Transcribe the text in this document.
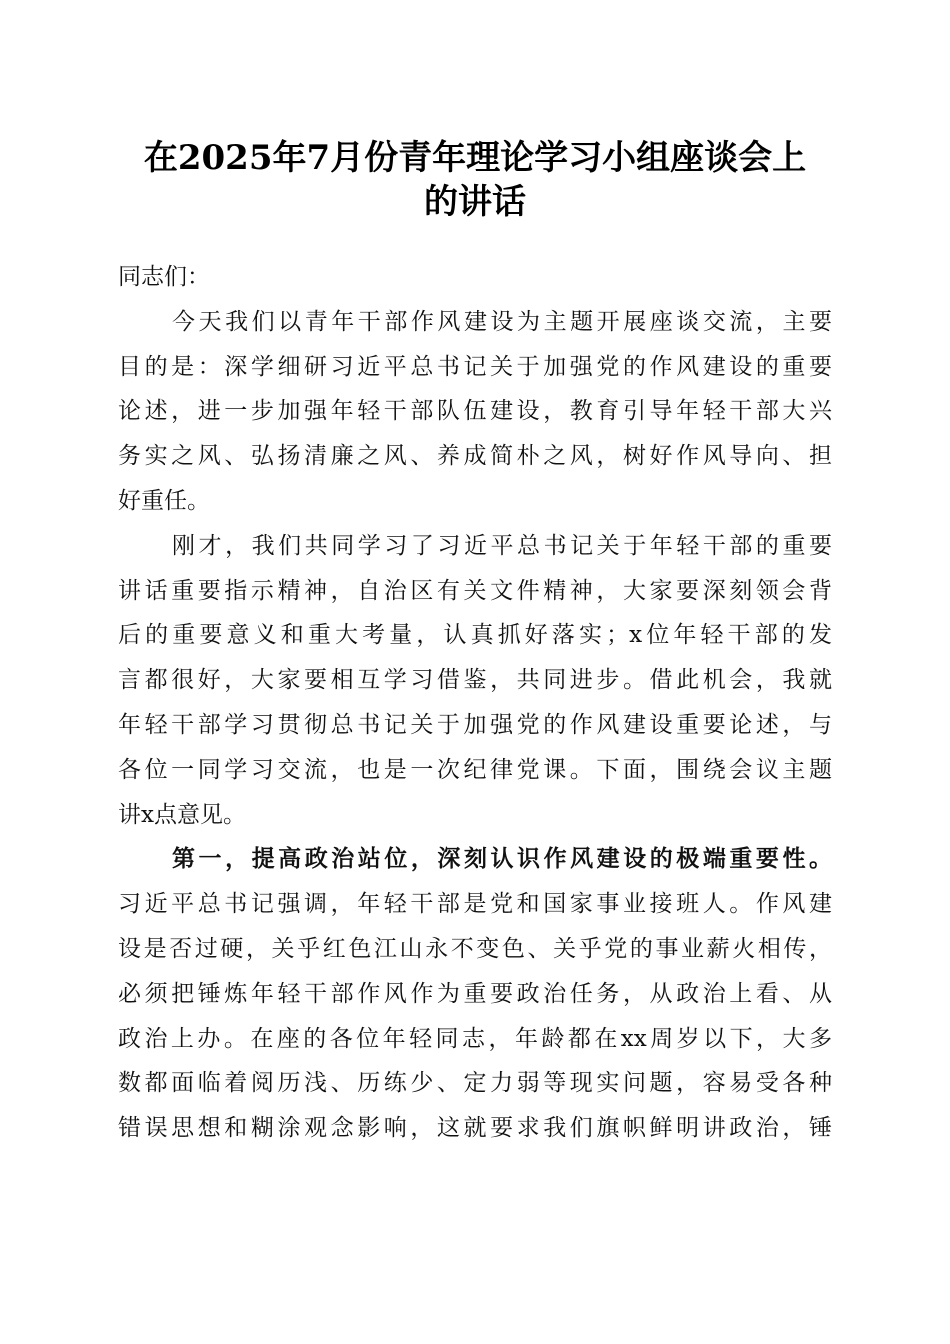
在2025年7月份青年理论学习小组座谈会上
的讲话
同志们：
今天我们以青年干部作风建设为主题开展座谈交流，主要
目的是：深学细研习近平总书记关于加强党的作风建设的重要
论述，进一步加强年轻干部队伍建设，教育引导年轻干部大兴
务实之风、弘扬清廉之风、养成简朴之风，树好作风导向、担
好重任。
刚才，我们共同学习了习近平总书记关于年轻干部的重要
讲话重要指示精神，自治区有关文件精神，大家要深刻领会背
后的重要意义和重大考量，认真抓好落实；x位年轻干部的发
言都很好，大家要相互学习借鉴，共同进步。借此机会，我就
年轻干部学习贯彻总书记关于加强党的作风建设重要论述，与
各位一同学习交流，也是一次纪律党课。下面，围绕会议主题
讲x点意见。
第一，提高政治站位，深刻认识作风建设的极端重要性。
习近平总书记强调，年轻干部是党和国家事业接班人。作风建
设是否过硬，关乎红色江山永不变色、关乎党的事业薪火相传，
必须把锤炼年轻干部作风作为重要政治任务，从政治上看、从
政治上办。在座的各位年轻同志，年龄都在xx周岁以下，大多
数都面临着阅历浅、历练少、定力弱等现实问题，容易受各种
错误思想和糊涂观念影响，这就要求我们旗帜鲜明讲政治，锤
